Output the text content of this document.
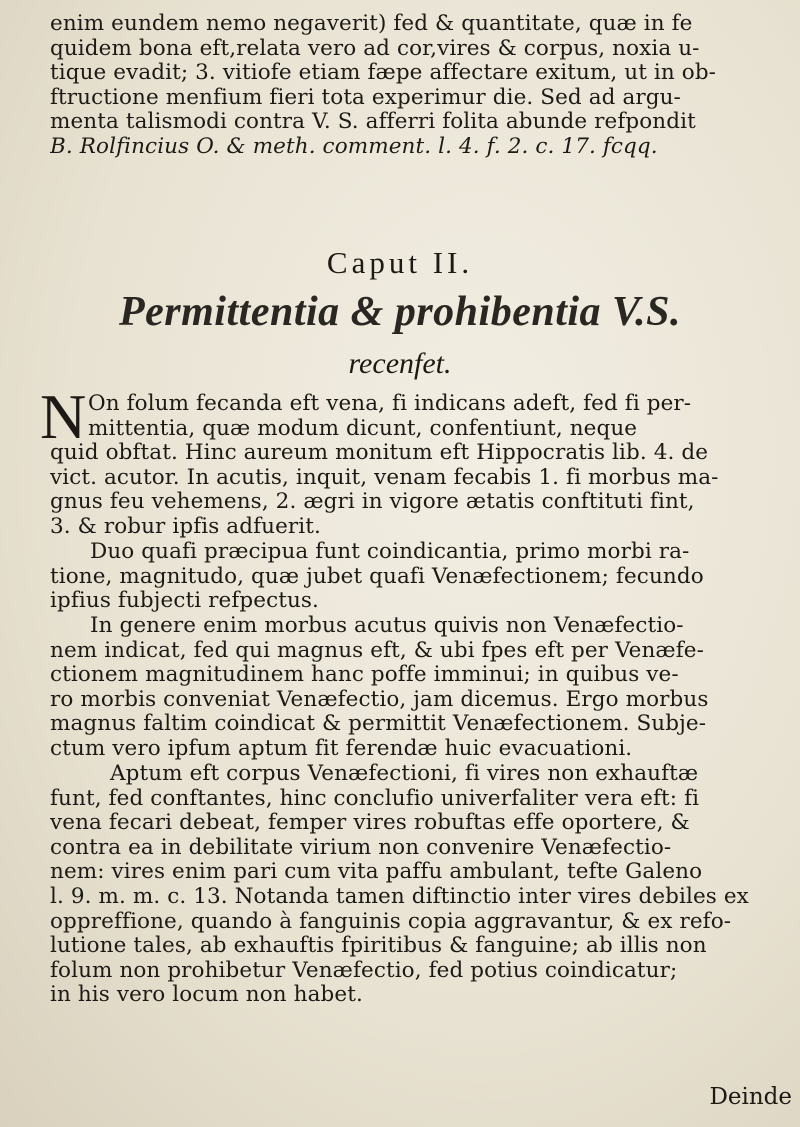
enim eundem nemo negaverit) fed & quantitate, quæ in fe
quidem bona eft,relata vero ad cor,vires & corpus, noxia u-
tique evadit; 3. vitiofe etiam fæpe affectare exitum, ut in ob-
ftructione menfium fieri tota experimur die. Sed ad argu-
menta talismodi contra V. S. afferri folita abunde refpondit
B. Rolfincius O. & meth. comment. l. 4. f. 2. c. 17. fcqq.
Caput II.
Permittentia & prohibentia V.S.
recenfet.
N On folum fecanda eft vena, fi indicans adeft, fed fi per-
mittentia, quæ modum dicunt, confentiunt, neque
quid obftat. Hinc aureum monitum eft Hippocratis lib. 4. de
vict. acutor. In acutis, inquit, venam fecabis 1. fi morbus ma-
gnus feu vehemens, 2. ægri in vigore ætatis conftituti fint,
3. & robur ipfis adfuerit.
Duo quafi præcipua funt coindicantia, primo morbi ra-
tione, magnitudo, quæ jubet quafi Venæfectionem; fecundo
ipfius fubjecti refpectus.
In genere enim morbus acutus quivis non Venæfectio-
nem indicat, fed qui magnus eft, & ubi fpes eft per Venæfe-
ctionem magnitudinem hanc poffe imminui; in quibus ve-
ro morbis conveniat Venæfectio, jam dicemus. Ergo morbus
magnus faltim coindicat & permittit Venæfectionem. Subje-
ctum vero ipfum aptum fit ferendæ huic evacuationi.
Aptum eft corpus Venæfectioni, fi vires non exhauftæ
funt, fed conftantes, hinc conclufio univerfaliter vera eft: fi
vena fecari debeat, femper vires robuftas effe oportere, &
contra ea in debilitate virium non convenire Venæfectio-
nem: vires enim pari cum vita paffu ambulant, tefte Galeno
l. 9. m. m. c. 13. Notanda tamen diftinctio inter vires debiles ex
oppreffione, quando à fanguinis copia aggravantur, & ex refo-
lutione tales, ab exhauftis fpiritibus & fanguine; ab illis non
folum non prohibetur Venæfectio, fed potius coindicatur;
in his vero locum non habet.
Deinde
